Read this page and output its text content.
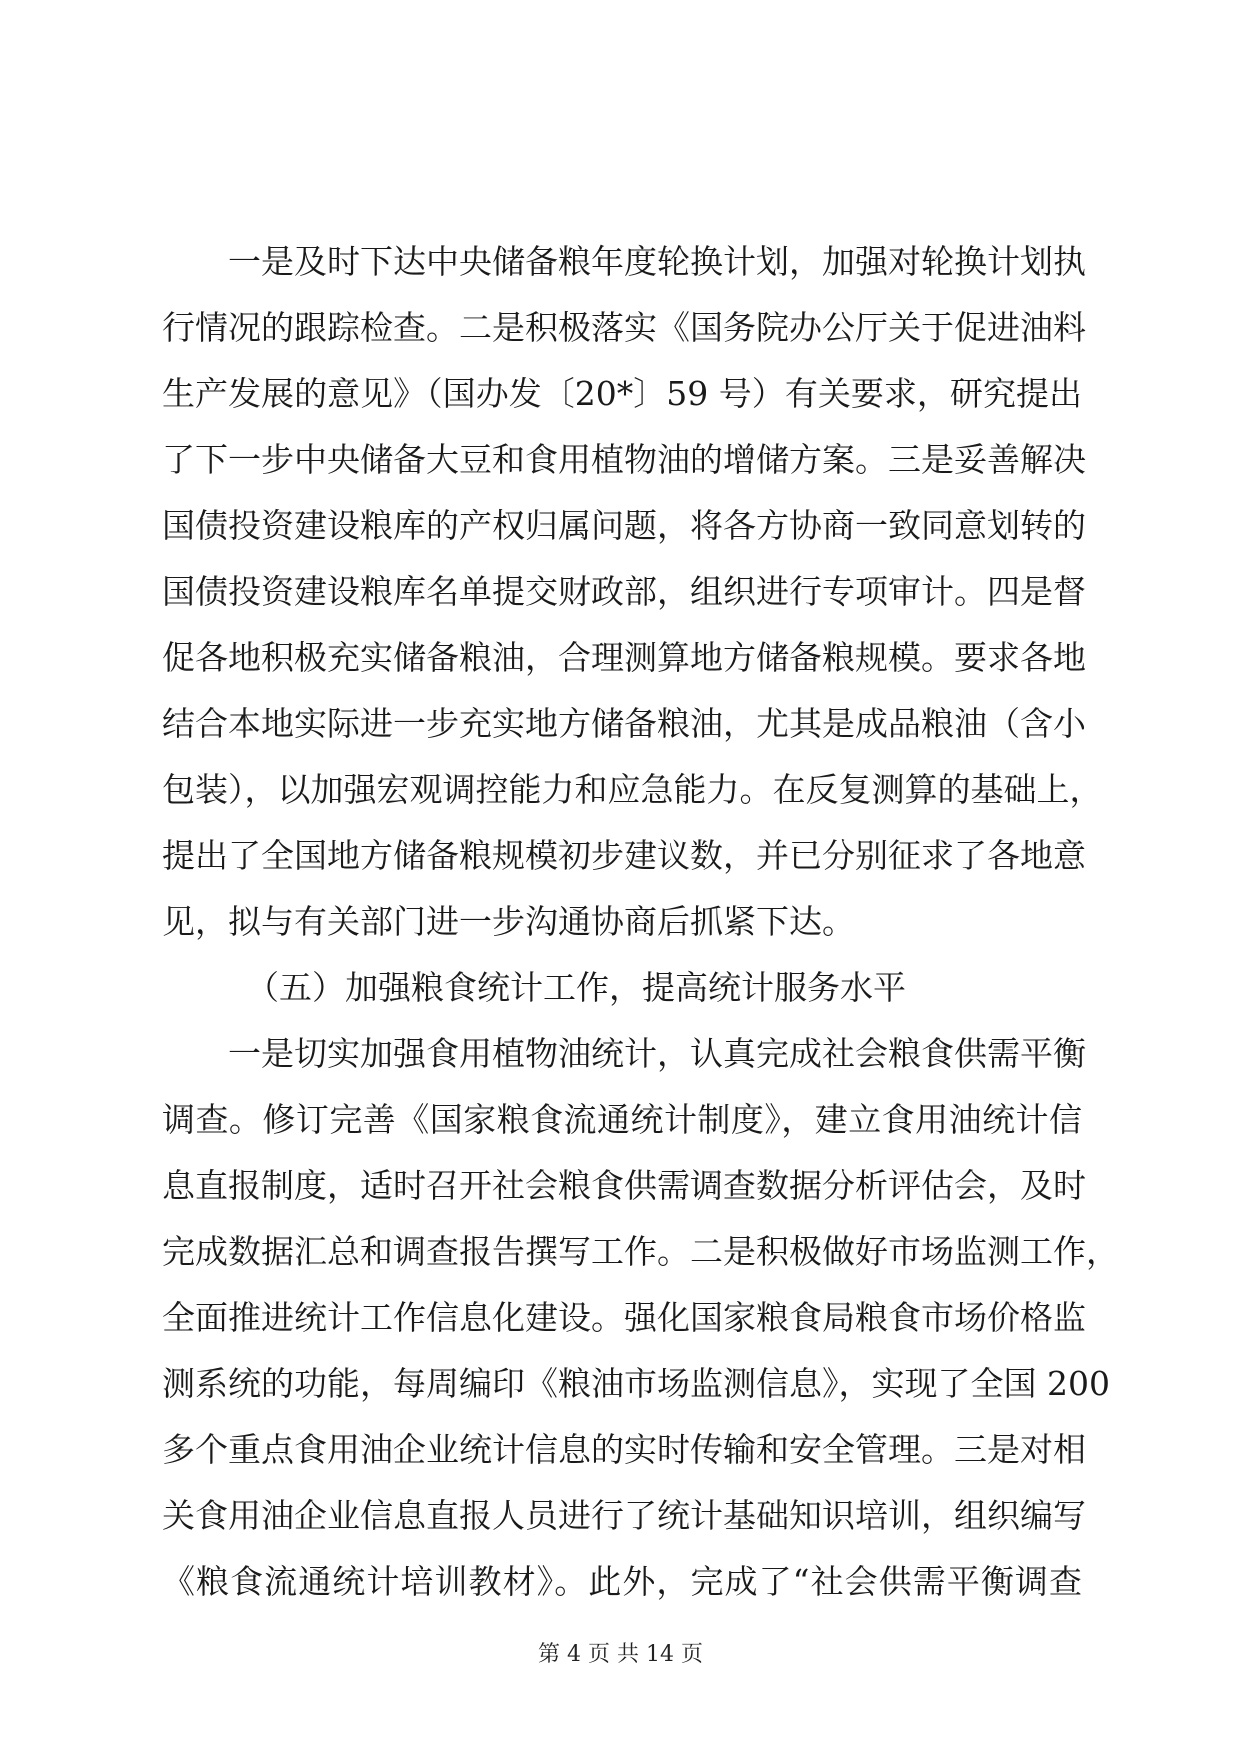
一是及时下达中央储备粮年度轮换计划，加强对轮换计划执
行情况的跟踪检查。二是积极落实《国务院办公厅关于促进油料
生产发展的意见》（国办发〔20*〕59 号）有关要求，研究提出
了下一步中央储备大豆和食用植物油的增储方案。三是妥善解决
国债投资建设粮库的产权归属问题，将各方协商一致同意划转的
国债投资建设粮库名单提交财政部，组织进行专项审计。四是督
促各地积极充实储备粮油，合理测算地方储备粮规模。要求各地
结合本地实际进一步充实地方储备粮油，尤其是成品粮油（含小
包装），以加强宏观调控能力和应急能力。在反复测算的基础上，
提出了全国地方储备粮规模初步建议数，并已分别征求了各地意
见，拟与有关部门进一步沟通协商后抓紧下达。
（五）加强粮食统计工作，提高统计服务水平
一是切实加强食用植物油统计，认真完成社会粮食供需平衡
调查。修订完善《国家粮食流通统计制度》，建立食用油统计信
息直报制度，适时召开社会粮食供需调查数据分析评估会，及时
完成数据汇总和调查报告撰写工作。二是积极做好市场监测工作，
全面推进统计工作信息化建设。强化国家粮食局粮食市场价格监
测系统的功能，每周编印《粮油市场监测信息》，实现了全国 200
多个重点食用油企业统计信息的实时传输和安全管理。三是对相
关食用油企业信息直报人员进行了统计基础知识培训，组织编写
《粮食流通统计培训教材》。此外，完成了“社会供需平衡调查
第 4 页 共 14 页
